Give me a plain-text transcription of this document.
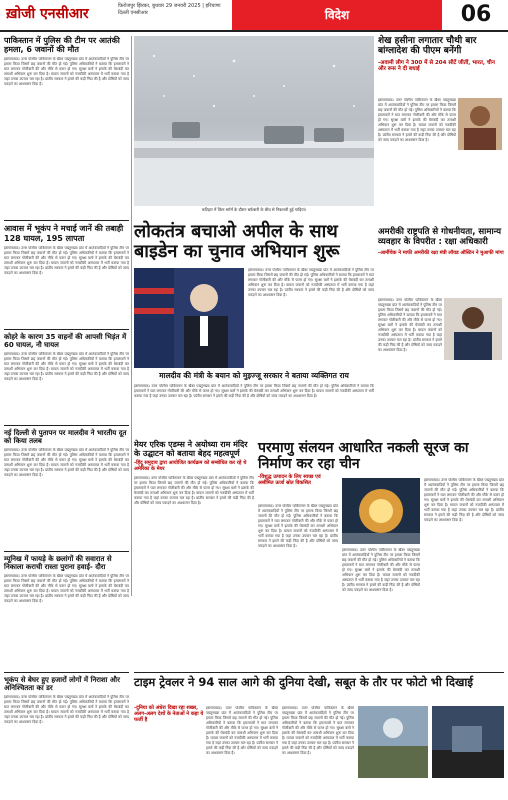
ख़ोजी एनसीआर	फ़िरोजपुर झिरका, बुधवार 29 जनवरी 2025 | हरियाणा दिल्ली एनसीआर	विदेश	06
पाकिस्तान में पुलिस की टीम पर आतंकी हमला, 6 जवानों की मौत
इस्लामाबाद। उत्तर पश्चिम पाकिस्तान के खैबर पख्तूनख्वा प्रांत में आतंकवादियों ने पुलिस टीम पर हमला किया जिसमें छह जवानों की मौत हो गई। पुलिस अधिकारियों ने बताया कि हमलावरों ने घात लगाकर गोलीबारी की और मौके से फरार हो गए। सुरक्षा बलों ने इलाके की घेराबंदी कर तलाशी अभियान शुरू कर दिया है। घायल जवानों को नजदीकी अस्पताल में भर्ती कराया गया है जहां उनका उपचार चल रहा है। प्रांतीय सरकार ने हमले की कड़ी निंदा की है और दोषियों को जल्द पकड़ने का आश्वासन दिया है।
आवास में भूकंप ने मचाई जानें की तबाही 128 घायल, 195 लापता
इस्लामाबाद। उत्तर पश्चिम पाकिस्तान के खैबर पख्तूनख्वा प्रांत में आतंकवादियों ने पुलिस टीम पर हमला किया जिसमें छह जवानों की मौत हो गई। पुलिस अधिकारियों ने बताया कि हमलावरों ने घात लगाकर गोलीबारी की और मौके से फरार हो गए। सुरक्षा बलों ने इलाके की घेराबंदी कर तलाशी अभियान शुरू कर दिया है। घायल जवानों को नजदीकी अस्पताल में भर्ती कराया गया है जहां उनका उपचार चल रहा है। प्रांतीय सरकार ने हमले की कड़ी निंदा की है और दोषियों को जल्द पकड़ने का आश्वासन दिया है।
कोहरे के कारण 35 वाहनों की आपसी भिड़ंत में 60 घायल, नौ घायल
इस्लामाबाद। उत्तर पश्चिम पाकिस्तान के खैबर पख्तूनख्वा प्रांत में आतंकवादियों ने पुलिस टीम पर हमला किया जिसमें छह जवानों की मौत हो गई। पुलिस अधिकारियों ने बताया कि हमलावरों ने घात लगाकर गोलीबारी की और मौके से फरार हो गए। सुरक्षा बलों ने इलाके की घेराबंदी कर तलाशी अभियान शुरू कर दिया है। घायल जवानों को नजदीकी अस्पताल में भर्ती कराया गया है जहां उनका उपचार चल रहा है। प्रांतीय सरकार ने हमले की कड़ी निंदा की है और दोषियों को जल्द पकड़ने का आश्वासन दिया है।
नई दिल्ली से पुतापन पर मालदीव ने भारतीय दूत को किया तलब
इस्लामाबाद। उत्तर पश्चिम पाकिस्तान के खैबर पख्तूनख्वा प्रांत में आतंकवादियों ने पुलिस टीम पर हमला किया जिसमें छह जवानों की मौत हो गई। पुलिस अधिकारियों ने बताया कि हमलावरों ने घात लगाकर गोलीबारी की और मौके से फरार हो गए। सुरक्षा बलों ने इलाके की घेराबंदी कर तलाशी अभियान शुरू कर दिया है। घायल जवानों को नजदीकी अस्पताल में भर्ती कराया गया है जहां उनका उपचार चल रहा है। प्रांतीय सरकार ने हमले की कड़ी निंदा की है और दोषियों को जल्द पकड़ने का आश्वासन दिया है।
म्यूनिख में फायड़े के छलांगों की सवारात से निकाला कराची रास्ता पुराना हवाई- दौरा
इस्लामाबाद। उत्तर पश्चिम पाकिस्तान के खैबर पख्तूनख्वा प्रांत में आतंकवादियों ने पुलिस टीम पर हमला किया जिसमें छह जवानों की मौत हो गई। पुलिस अधिकारियों ने बताया कि हमलावरों ने घात लगाकर गोलीबारी की और मौके से फरार हो गए। सुरक्षा बलों ने इलाके की घेराबंदी कर तलाशी अभियान शुरू कर दिया है। घायल जवानों को नजदीकी अस्पताल में भर्ती कराया गया है जहां उनका उपचार चल रहा है। प्रांतीय सरकार ने हमले की कड़ी निंदा की है और दोषियों को जल्द पकड़ने का आश्वासन दिया है।
भूकंप से बेघर हुए हजारों लोगों में निराशा और अनिश्चितता का डर
इस्लामाबाद। उत्तर पश्चिम पाकिस्तान के खैबर पख्तूनख्वा प्रांत में आतंकवादियों ने पुलिस टीम पर हमला किया जिसमें छह जवानों की मौत हो गई। पुलिस अधिकारियों ने बताया कि हमलावरों ने घात लगाकर गोलीबारी की और मौके से फरार हो गए। सुरक्षा बलों ने इलाके की घेराबंदी कर तलाशी अभियान शुरू कर दिया है। घायल जवानों को नजदीकी अस्पताल में भर्ती कराया गया है जहां उनका उपचार चल रहा है। प्रांतीय सरकार ने हमले की कड़ी निंदा की है और दोषियों को जल्द पकड़ने का आश्वासन दिया है।
कटिहार में विंटर स्टॉर्म के दौरान बर्फबारी के बीच से निकलती हुई गाड़ियां।
शेख हसीना लगातार चौथी बार बांग्लादेश की पीएम बनेंगी
-अवामी लीग ने 300 में से 204 सीटें जीतीं, भारत, चीन और रूस ने दी बधाई
इस्लामाबाद। उत्तर पश्चिम पाकिस्तान के खैबर पख्तूनख्वा प्रांत में आतंकवादियों ने पुलिस टीम पर हमला किया जिसमें छह जवानों की मौत हो गई। पुलिस अधिकारियों ने बताया कि हमलावरों ने घात लगाकर गोलीबारी की और मौके से फरार हो गए। सुरक्षा बलों ने इलाके की घेराबंदी कर तलाशी अभियान शुरू कर दिया है। घायल जवानों को नजदीकी अस्पताल में भर्ती कराया गया है जहां उनका उपचार चल रहा है। प्रांतीय सरकार ने हमले की कड़ी निंदा की है और दोषियों को जल्द पकड़ने का आश्वासन दिया है।
लोकतंत्र बचाओ अपील के साथ बाइडेन का चुनाव अभियान शुरू
इस्लामाबाद। उत्तर पश्चिम पाकिस्तान के खैबर पख्तूनख्वा प्रांत में आतंकवादियों ने पुलिस टीम पर हमला किया जिसमें छह जवानों की मौत हो गई। पुलिस अधिकारियों ने बताया कि हमलावरों ने घात लगाकर गोलीबारी की और मौके से फरार हो गए। सुरक्षा बलों ने इलाके की घेराबंदी कर तलाशी अभियान शुरू कर दिया है। घायल जवानों को नजदीकी अस्पताल में भर्ती कराया गया है जहां उनका उपचार चल रहा है। प्रांतीय सरकार ने हमले की कड़ी निंदा की है और दोषियों को जल्द पकड़ने का आश्वासन दिया है।
अमरीकी राष्ट्रपति से गोधनीयता, सामान्य व्यवहार के विपरीत : रक्षा अधिकारी
-आर्मीचेक ने माफी अमरीकी रक्षा मंत्री लॉयड ऑस्टिन ने मुआफी मांगा
इस्लामाबाद। उत्तर पश्चिम पाकिस्तान के खैबर पख्तूनख्वा प्रांत में आतंकवादियों ने पुलिस टीम पर हमला किया जिसमें छह जवानों की मौत हो गई। पुलिस अधिकारियों ने बताया कि हमलावरों ने घात लगाकर गोलीबारी की और मौके से फरार हो गए। सुरक्षा बलों ने इलाके की घेराबंदी कर तलाशी अभियान शुरू कर दिया है। घायल जवानों को नजदीकी अस्पताल में भर्ती कराया गया है जहां उनका उपचार चल रहा है। प्रांतीय सरकार ने हमले की कड़ी निंदा की है और दोषियों को जल्द पकड़ने का आश्वासन दिया है।
मालदीव की मंत्री के बयान को मुइज्जू सरकार ने बताया व्यक्तिगत राय
इस्लामाबाद। उत्तर पश्चिम पाकिस्तान के खैबर पख्तूनख्वा प्रांत में आतंकवादियों ने पुलिस टीम पर हमला किया जिसमें छह जवानों की मौत हो गई। पुलिस अधिकारियों ने बताया कि हमलावरों ने घात लगाकर गोलीबारी की और मौके से फरार हो गए। सुरक्षा बलों ने इलाके की घेराबंदी कर तलाशी अभियान शुरू कर दिया है। घायल जवानों को नजदीकी अस्पताल में भर्ती कराया गया है जहां उनका उपचार चल रहा है। प्रांतीय सरकार ने हमले की कड़ी निंदा की है और दोषियों को जल्द पकड़ने का आश्वासन दिया है।
मेयर एरिक एडम्स ने अयोध्या राम मंदिर के उद्घाटन को बताया बेहद महत्वपूर्ण
-हिंदू समुदाय द्वारा आयोजित कार्यक्रम को सम्बोधित कर रहे थे अमेरिका के मेयर
इस्लामाबाद। उत्तर पश्चिम पाकिस्तान के खैबर पख्तूनख्वा प्रांत में आतंकवादियों ने पुलिस टीम पर हमला किया जिसमें छह जवानों की मौत हो गई। पुलिस अधिकारियों ने बताया कि हमलावरों ने घात लगाकर गोलीबारी की और मौके से फरार हो गए। सुरक्षा बलों ने इलाके की घेराबंदी कर तलाशी अभियान शुरू कर दिया है। घायल जवानों को नजदीकी अस्पताल में भर्ती कराया गया है जहां उनका उपचार चल रहा है। प्रांतीय सरकार ने हमले की कड़ी निंदा की है और दोषियों को जल्द पकड़ने का आश्वासन दिया है।
परमाणु संलयन आधारित नकली सूरज का निर्माण कर रहा चीन
-विशुद्ध उत्पादन के लिए स्वच्छ एवं असीमित ऊर्जा स्रोत विकसित
इस्लामाबाद। उत्तर पश्चिम पाकिस्तान के खैबर पख्तूनख्वा प्रांत में आतंकवादियों ने पुलिस टीम पर हमला किया जिसमें छह जवानों की मौत हो गई। पुलिस अधिकारियों ने बताया कि हमलावरों ने घात लगाकर गोलीबारी की और मौके से फरार हो गए। सुरक्षा बलों ने इलाके की घेराबंदी कर तलाशी अभियान शुरू कर दिया है। घायल जवानों को नजदीकी अस्पताल में भर्ती कराया गया है जहां उनका उपचार चल रहा है। प्रांतीय सरकार ने हमले की कड़ी निंदा की है और दोषियों को जल्द पकड़ने का आश्वासन दिया है।
इस्लामाबाद। उत्तर पश्चिम पाकिस्तान के खैबर पख्तूनख्वा प्रांत में आतंकवादियों ने पुलिस टीम पर हमला किया जिसमें छह जवानों की मौत हो गई। पुलिस अधिकारियों ने बताया कि हमलावरों ने घात लगाकर गोलीबारी की और मौके से फरार हो गए। सुरक्षा बलों ने इलाके की घेराबंदी कर तलाशी अभियान शुरू कर दिया है। घायल जवानों को नजदीकी अस्पताल में भर्ती कराया गया है जहां उनका उपचार चल रहा है। प्रांतीय सरकार ने हमले की कड़ी निंदा की है और दोषियों को जल्द पकड़ने का आश्वासन दिया है।
इस्लामाबाद। उत्तर पश्चिम पाकिस्तान के खैबर पख्तूनख्वा प्रांत में आतंकवादियों ने पुलिस टीम पर हमला किया जिसमें छह जवानों की मौत हो गई। पुलिस अधिकारियों ने बताया कि हमलावरों ने घात लगाकर गोलीबारी की और मौके से फरार हो गए। सुरक्षा बलों ने इलाके की घेराबंदी कर तलाशी अभियान शुरू कर दिया है। घायल जवानों को नजदीकी अस्पताल में भर्ती कराया गया है जहां उनका उपचार चल रहा है। प्रांतीय सरकार ने हमले की कड़ी निंदा की है और दोषियों को जल्द पकड़ने का आश्वासन दिया है।
टाइम ट्रेवलर ने 94 साल आगे की दुनिया देखी, सबूत के तौर पर फोटो भी दिखाई
-दुनिया को अंधेरा दिखा रहा शख्स, अलग-अलग देशों के नेताओं ने कहा ये फर्जी है
इस्लामाबाद। उत्तर पश्चिम पाकिस्तान के खैबर पख्तूनख्वा प्रांत में आतंकवादियों ने पुलिस टीम पर हमला किया जिसमें छह जवानों की मौत हो गई। पुलिस अधिकारियों ने बताया कि हमलावरों ने घात लगाकर गोलीबारी की और मौके से फरार हो गए। सुरक्षा बलों ने इलाके की घेराबंदी कर तलाशी अभियान शुरू कर दिया है। घायल जवानों को नजदीकी अस्पताल में भर्ती कराया गया है जहां उनका उपचार चल रहा है। प्रांतीय सरकार ने हमले की कड़ी निंदा की है और दोषियों को जल्द पकड़ने का आश्वासन दिया है।
इस्लामाबाद। उत्तर पश्चिम पाकिस्तान के खैबर पख्तूनख्वा प्रांत में आतंकवादियों ने पुलिस टीम पर हमला किया जिसमें छह जवानों की मौत हो गई। पुलिस अधिकारियों ने बताया कि हमलावरों ने घात लगाकर गोलीबारी की और मौके से फरार हो गए। सुरक्षा बलों ने इलाके की घेराबंदी कर तलाशी अभियान शुरू कर दिया है। घायल जवानों को नजदीकी अस्पताल में भर्ती कराया गया है जहां उनका उपचार चल रहा है। प्रांतीय सरकार ने हमले की कड़ी निंदा की है और दोषियों को जल्द पकड़ने का आश्वासन दिया है।
